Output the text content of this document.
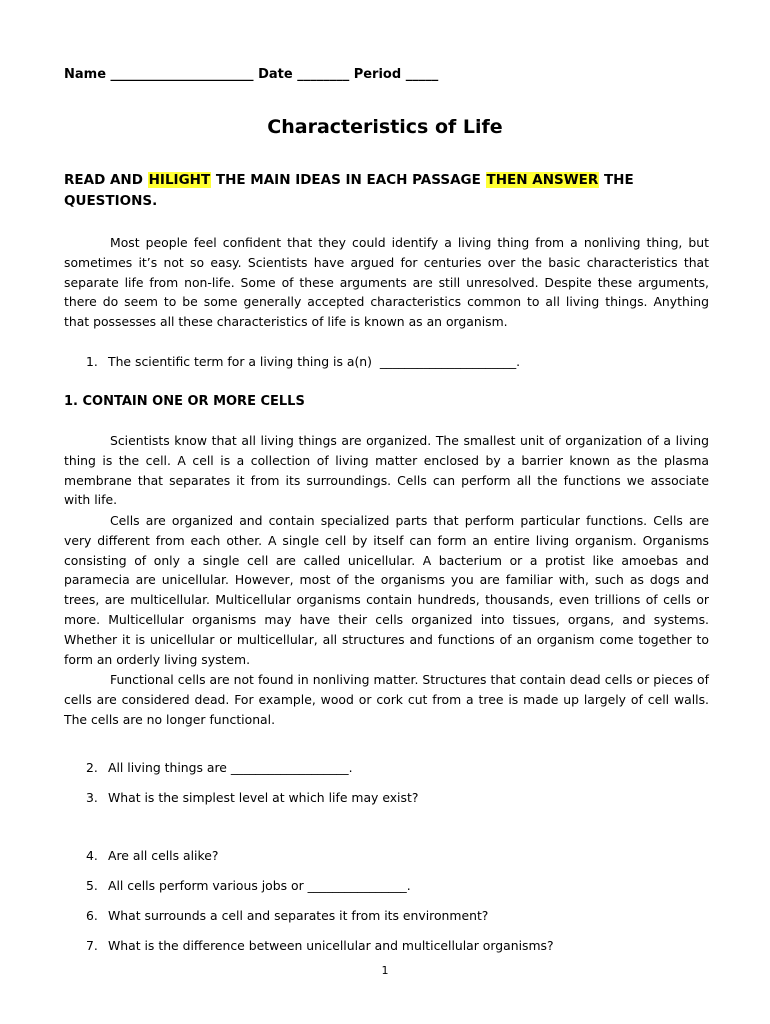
Name ______________________ Date ________ Period _____
Characteristics of Life
READ AND HILIGHT THE MAIN IDEAS IN EACH PASSAGE THEN ANSWER THE QUESTIONS.

Most people feel confident that they could identify a living thing from a nonliving thing, but sometimes it’s not so easy. Scientists have argued for centuries over the basic characteristics that separate life from non-life. Some of these arguments are still unresolved. Despite these arguments, there do seem to be some generally accepted characteristics common to all living things. Anything that possesses all these characteristics of life is known as an organism.

1. The scientific term for a living thing is a(n)  ______________________.
1. CONTAIN ONE OR MORE CELLS

Scientists know that all living things are organized. The smallest unit of organization of a living thing is the cell. A cell is a collection of living matter enclosed by a barrier known as the plasma membrane that separates it from its surroundings. Cells can perform all the functions we associate with life.

Cells are organized and contain specialized parts that perform particular functions. Cells are very different from each other. A single cell by itself can form an entire living organism. Organisms consisting of only a single cell are called unicellular. A bacterium or a protist like amoebas and paramecia are unicellular. However, most of the organisms you are familiar with, such as dogs and trees, are multicellular. Multicellular organisms contain hundreds, thousands, even trillions of cells or more. Multicellular organisms may have their cells organized into tissues, organs, and systems. Whether it is unicellular or multicellular, all structures and functions of an organism come together to form an orderly living system.

Functional cells are not found in nonliving matter. Structures that contain dead cells or pieces of cells are considered dead. For example, wood or cork cut from a tree is made up largely of cell walls. The cells are no longer functional.

2. All living things are ___________________.
3. What is the simplest level at which life may exist?
4. Are all cells alike?
5. All cells perform various jobs or ________________.
6. What surrounds a cell and separates it from its environment?
7. What is the difference between unicellular and multicellular organisms?
1
